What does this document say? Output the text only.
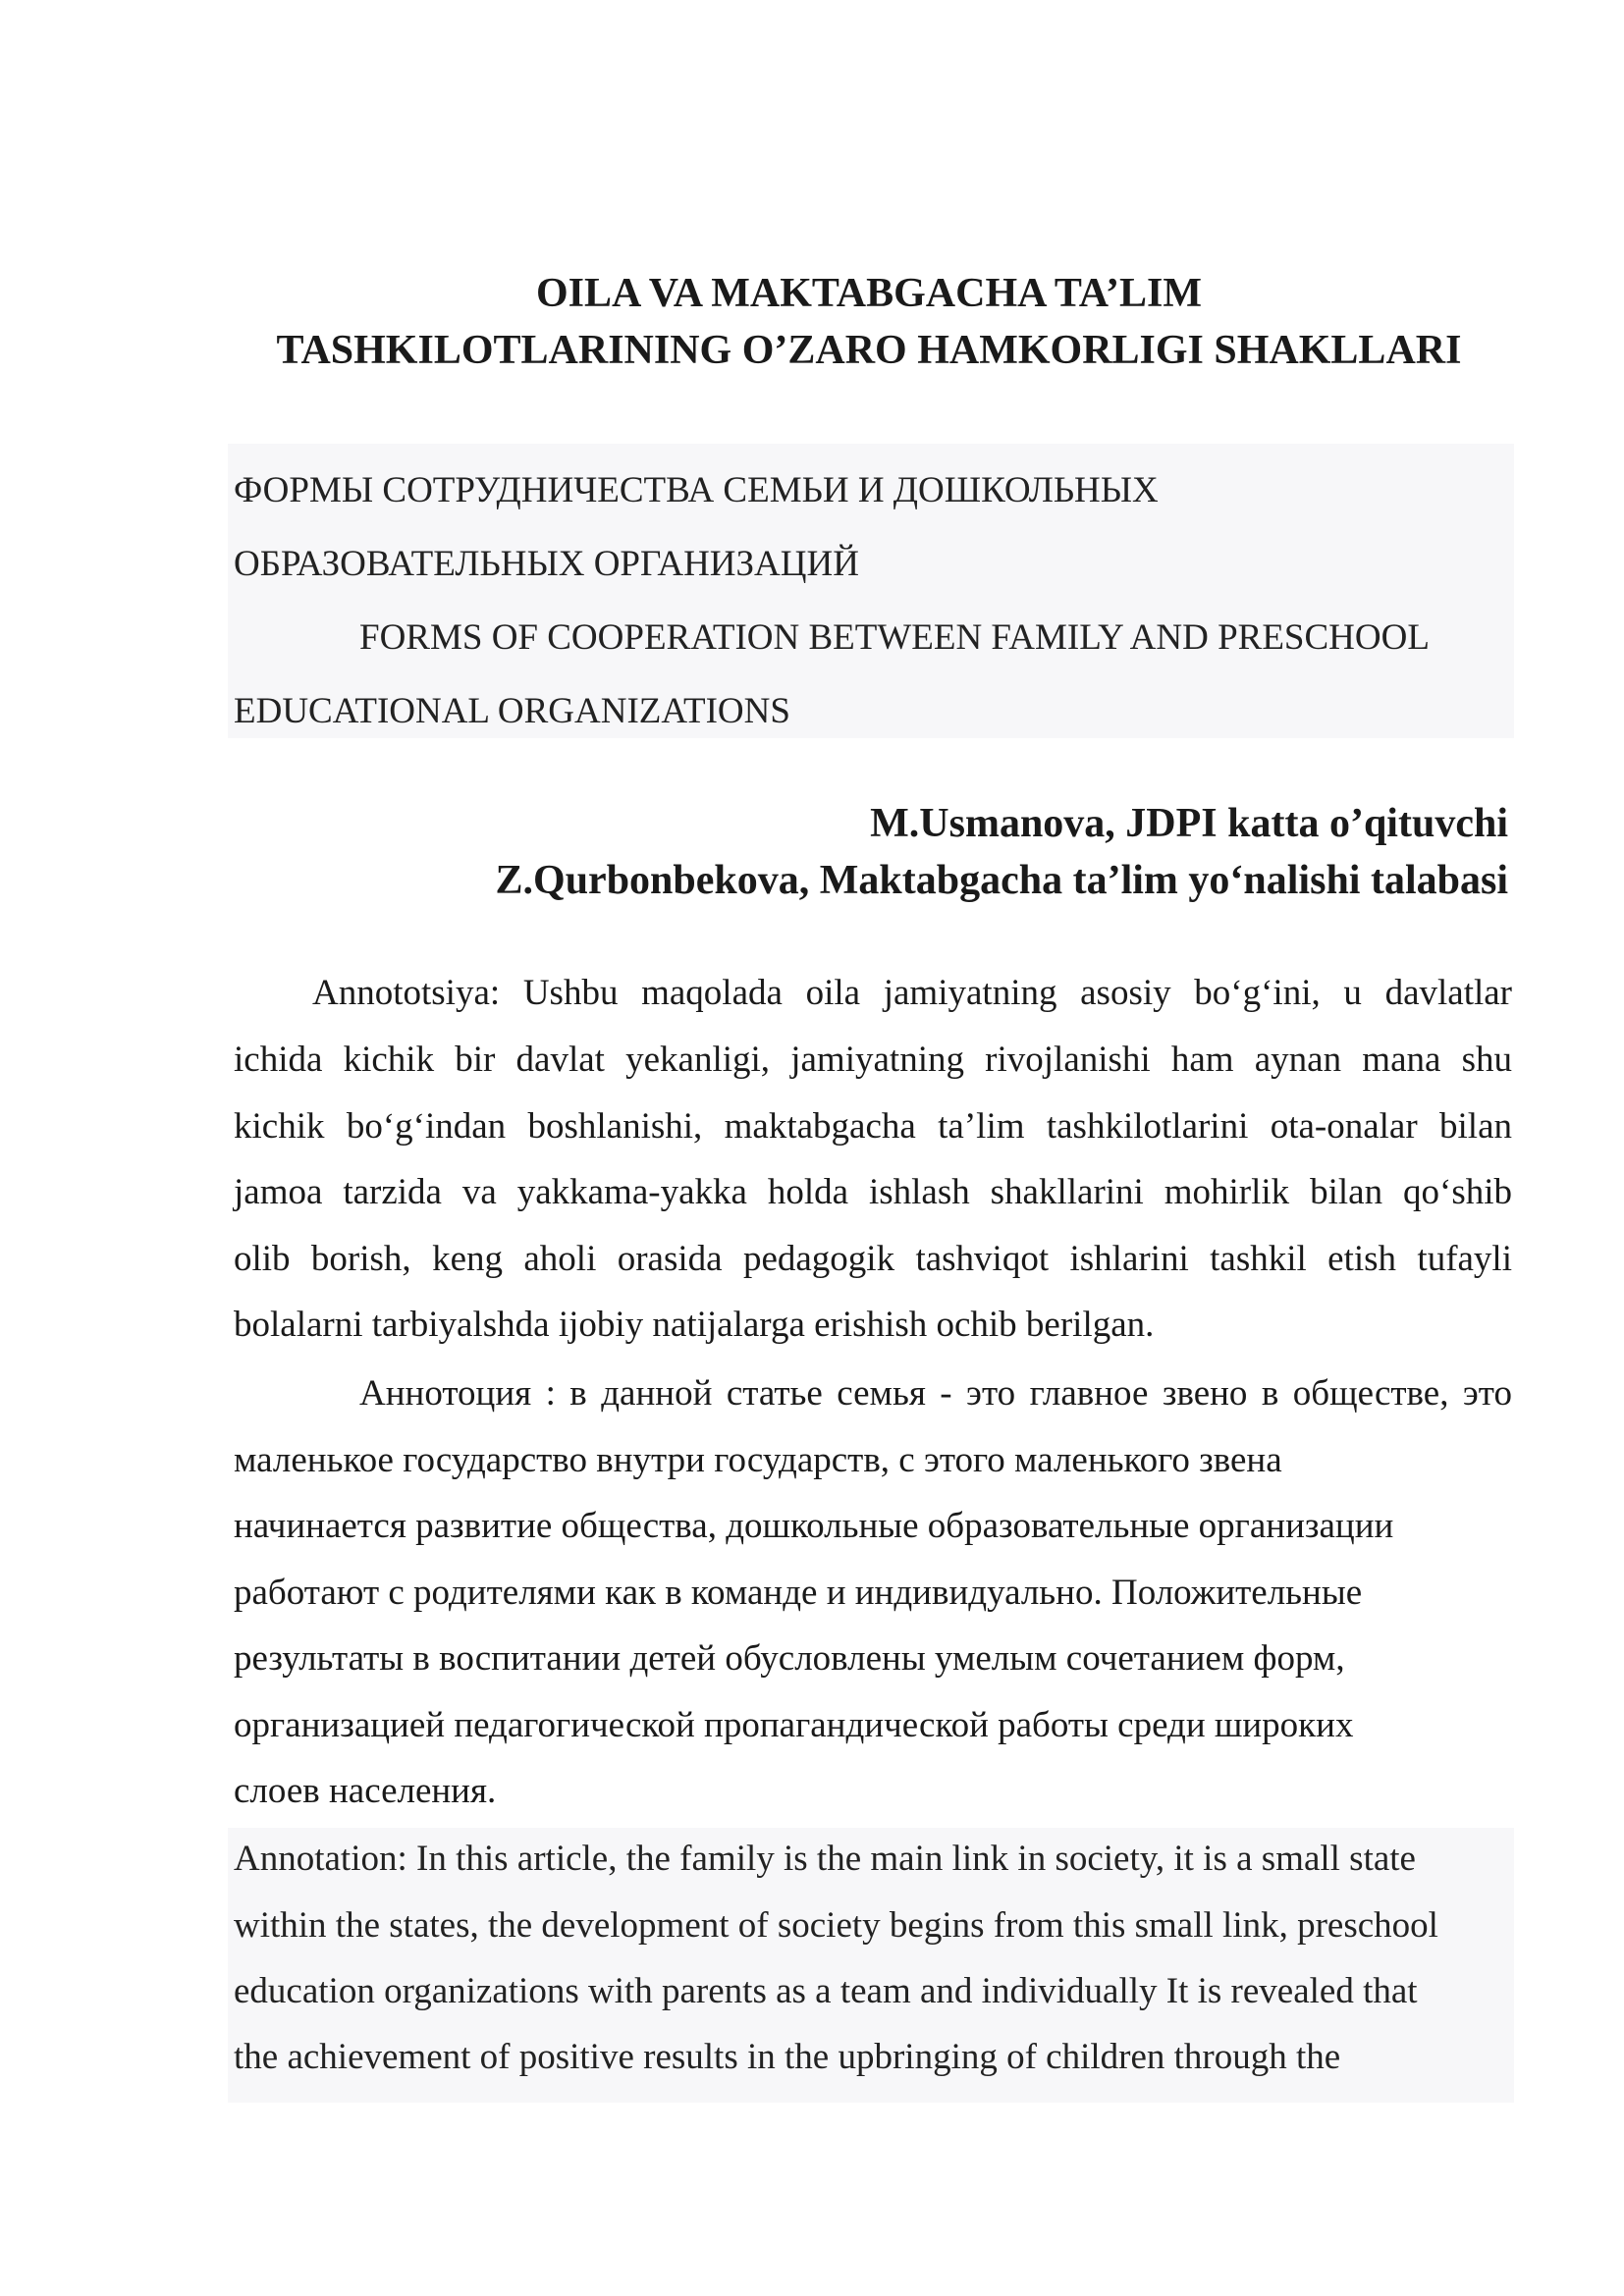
OILA VA MAKTABGACHA TA’LIM
TASHKILOTLARINING O’ZARO HAMKORLIGI SHAKLLARI
ФОРМЫ СОТРУДНИЧЕСТВА СЕМЬИ И ДОШКОЛЬНЫХ
ОБРАЗОВАТЕЛЬНЫХ ОРГАНИЗАЦИЙ
FORMS OF COOPERATION BETWEEN FAMILY AND PRESCHOOL
EDUCATIONAL ORGANIZATIONS
M.Usmanova, JDPI katta o’qituvchi
Z.Qurbonbekova, Maktabgacha ta’lim yo‘nalishi talabasi
Annototsiya: Ushbu maqolada oila jamiyatning asosiy bo‘g‘ini, u davlatlar
ichida kichik bir davlat yekanligi, jamiyatning rivojlanishi ham aynan mana shu
kichik bo‘g‘indan boshlanishi, maktabgacha ta’lim tashkilotlarini ota-onalar bilan
jamoa tarzida va yakkama-yakka holda ishlash shakllarini mohirlik bilan qo‘shib
olib borish, keng aholi orasida pedagogik tashviqot ishlarini tashkil etish tufayli
bolalarni tarbiyalshda ijobiy natijalarga erishish ochib berilgan.
Аннотоция : в данной статье семья - это главное звено в обществе, это
маленькое государство внутри государств, с этого маленького звена
начинается развитие общества, дошкольные образовательные организации
работают с родителями как в команде и индивидуально. Положительные
результаты в воспитании детей обусловлены умелым сочетанием форм,
организацией педагогической пропагандической работы среди широких
слоев населения.
Annotation: In this article, the family is the main link in society, it is a small state
within the states, the development of society begins from this small link, preschool
education organizations with parents as a team and individually It is revealed that
the achievement of positive results in the upbringing of children through the
